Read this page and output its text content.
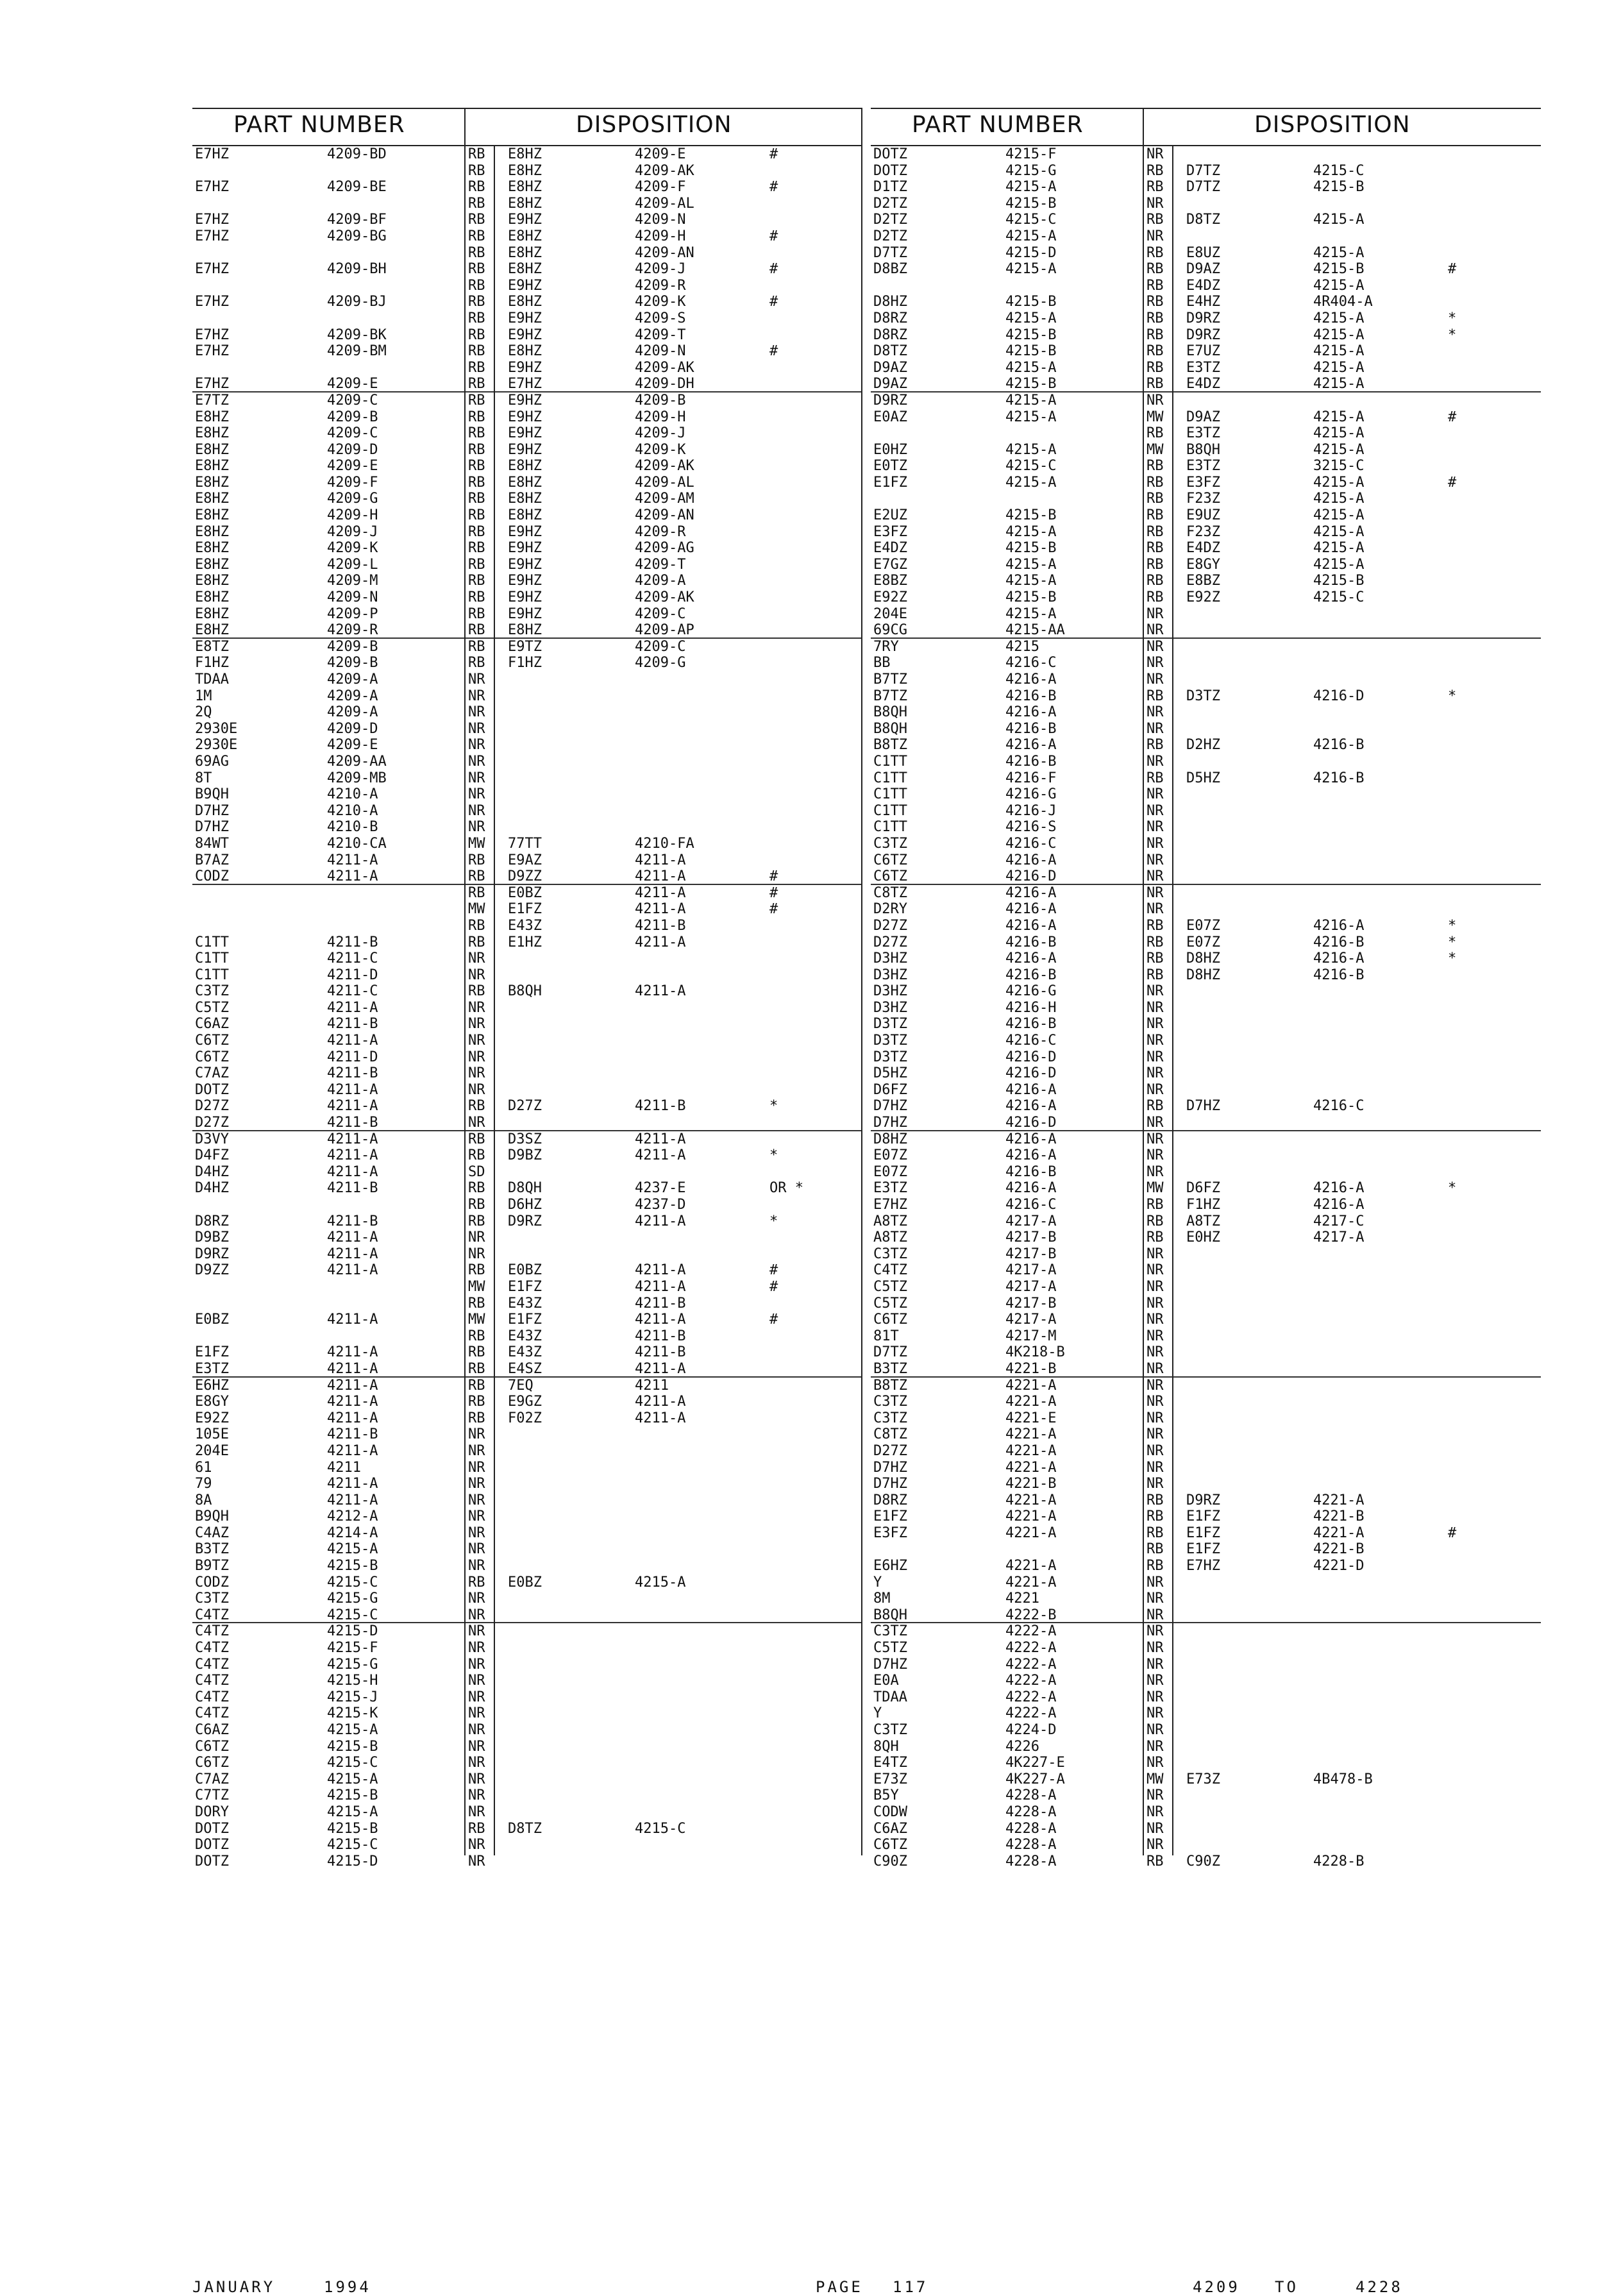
PART NUMBER	DISPOSITION
E7HZ	4209-BD	RB	E8HZ	4209-E	#
RB	E8HZ	4209-AK
E7HZ	4209-BE	RB	E8HZ	4209-F	#
RB	E8HZ	4209-AL
E7HZ	4209-BF	RB	E9HZ	4209-N
E7HZ	4209-BG	RB	E8HZ	4209-H	#
RB	E8HZ	4209-AN
E7HZ	4209-BH	RB	E8HZ	4209-J	#
RB	E9HZ	4209-R
E7HZ	4209-BJ	RB	E8HZ	4209-K	#
RB	E9HZ	4209-S
E7HZ	4209-BK	RB	E9HZ	4209-T
E7HZ	4209-BM	RB	E8HZ	4209-N	#
RB	E9HZ	4209-AK
E7HZ	4209-E	RB	E7HZ	4209-DH
E7TZ	4209-C	RB	E9HZ	4209-B
E8HZ	4209-B	RB	E9HZ	4209-H
E8HZ	4209-C	RB	E9HZ	4209-J
E8HZ	4209-D	RB	E9HZ	4209-K
E8HZ	4209-E	RB	E8HZ	4209-AK
E8HZ	4209-F	RB	E8HZ	4209-AL
E8HZ	4209-G	RB	E8HZ	4209-AM
E8HZ	4209-H	RB	E8HZ	4209-AN
E8HZ	4209-J	RB	E9HZ	4209-R
E8HZ	4209-K	RB	E9HZ	4209-AG
E8HZ	4209-L	RB	E9HZ	4209-T
E8HZ	4209-M	RB	E9HZ	4209-A
E8HZ	4209-N	RB	E9HZ	4209-AK
E8HZ	4209-P	RB	E9HZ	4209-C
E8HZ	4209-R	RB	E8HZ	4209-AP
E8TZ	4209-B	RB	E9TZ	4209-C
F1HZ	4209-B	RB	F1HZ	4209-G
TDAA	4209-A	NR
1M	4209-A	NR
2Q	4209-A	NR
2930E	4209-D	NR
2930E	4209-E	NR
69AG	4209-AA	NR
8T	4209-MB	NR
B9QH	4210-A	NR
D7HZ	4210-A	NR
D7HZ	4210-B	NR
84WT	4210-CA	MW	77TT	4210-FA
B7AZ	4211-A	RB	E9AZ	4211-A
CODZ	4211-A	RB	D9ZZ	4211-A	#
RB	E0BZ	4211-A	#
MW	E1FZ	4211-A	#
RB	E43Z	4211-B
C1TT	4211-B	RB	E1HZ	4211-A
C1TT	4211-C	NR
C1TT	4211-D	NR
C3TZ	4211-C	RB	B8QH	4211-A
C5TZ	4211-A	NR
C6AZ	4211-B	NR
C6TZ	4211-A	NR
C6TZ	4211-D	NR
C7AZ	4211-B	NR
DOTZ	4211-A	NR
D27Z	4211-A	RB	D27Z	4211-B	*
D27Z	4211-B	NR
D3VY	4211-A	RB	D3SZ	4211-A
D4FZ	4211-A	RB	D9BZ	4211-A	*
D4HZ	4211-A	SD
D4HZ	4211-B	RB	D8QH	4237-E	OR *
RB	D6HZ	4237-D
D8RZ	4211-B	RB	D9RZ	4211-A	*
D9BZ	4211-A	NR
D9RZ	4211-A	NR
D9ZZ	4211-A	RB	E0BZ	4211-A	#
MW	E1FZ	4211-A	#
RB	E43Z	4211-B
E0BZ	4211-A	MW	E1FZ	4211-A	#
RB	E43Z	4211-B
E1FZ	4211-A	RB	E43Z	4211-B
E3TZ	4211-A	RB	E4SZ	4211-A
E6HZ	4211-A	RB	7EQ	4211
E8GY	4211-A	RB	E9GZ	4211-A
E92Z	4211-A	RB	F02Z	4211-A
105E	4211-B	NR
204E	4211-A	NR
61	4211	NR
79	4211-A	NR
8A	4211-A	NR
B9QH	4212-A	NR
C4AZ	4214-A	NR
B3TZ	4215-A	NR
B9TZ	4215-B	NR
CODZ	4215-C	RB	E0BZ	4215-A
C3TZ	4215-G	NR
C4TZ	4215-C	NR
C4TZ	4215-D	NR
C4TZ	4215-F	NR
C4TZ	4215-G	NR
C4TZ	4215-H	NR
C4TZ	4215-J	NR
C4TZ	4215-K	NR
C6AZ	4215-A	NR
C6TZ	4215-B	NR
C6TZ	4215-C	NR
C7AZ	4215-A	NR
C7TZ	4215-B	NR
DORY	4215-A	NR
DOTZ	4215-B	RB	D8TZ	4215-C
DOTZ	4215-C	NR
DOTZ	4215-D	NR
PART NUMBER	DISPOSITION
DOTZ	4215-F	NR
DOTZ	4215-G	RB	D7TZ	4215-C
D1TZ	4215-A	RB	D7TZ	4215-B
D2TZ	4215-B	NR
D2TZ	4215-C	RB	D8TZ	4215-A
D2TZ	4215-A	NR
D7TZ	4215-D	RB	E8UZ	4215-A
D8BZ	4215-A	RB	D9AZ	4215-B	#
RB	E4DZ	4215-A
D8HZ	4215-B	RB	E4HZ	4R404-A
D8RZ	4215-A	RB	D9RZ	4215-A	*
D8RZ	4215-B	RB	D9RZ	4215-A	*
D8TZ	4215-B	RB	E7UZ	4215-A
D9AZ	4215-A	RB	E3TZ	4215-A
D9AZ	4215-B	RB	E4DZ	4215-A
D9RZ	4215-A	NR
E0AZ	4215-A	MW	D9AZ	4215-A	#
RB	E3TZ	4215-A
E0HZ	4215-A	MW	B8QH	4215-A
E0TZ	4215-C	RB	E3TZ	3215-C
E1FZ	4215-A	RB	E3FZ	4215-A	#
RB	F23Z	4215-A
E2UZ	4215-B	RB	E9UZ	4215-A
E3FZ	4215-A	RB	F23Z	4215-A
E4DZ	4215-B	RB	E4DZ	4215-A
E7GZ	4215-A	RB	E8GY	4215-A
E8BZ	4215-A	RB	E8BZ	4215-B
E92Z	4215-B	RB	E92Z	4215-C
204E	4215-A	NR
69CG	4215-AA	NR
7RY	4215	NR
BB	4216-C	NR
B7TZ	4216-A	NR
B7TZ	4216-B	RB	D3TZ	4216-D	*
B8QH	4216-A	NR
B8QH	4216-B	NR
B8TZ	4216-A	RB	D2HZ	4216-B
C1TT	4216-B	NR
C1TT	4216-F	RB	D5HZ	4216-B
C1TT	4216-G	NR
C1TT	4216-J	NR
C1TT	4216-S	NR
C3TZ	4216-C	NR
C6TZ	4216-A	NR
C6TZ	4216-D	NR
C8TZ	4216-A	NR
D2RY	4216-A	NR
D27Z	4216-A	RB	E07Z	4216-A	*
D27Z	4216-B	RB	E07Z	4216-B	*
D3HZ	4216-A	RB	D8HZ	4216-A	*
D3HZ	4216-B	RB	D8HZ	4216-B
D3HZ	4216-G	NR
D3HZ	4216-H	NR
D3TZ	4216-B	NR
D3TZ	4216-C	NR
D3TZ	4216-D	NR
D5HZ	4216-D	NR
D6FZ	4216-A	NR
D7HZ	4216-A	RB	D7HZ	4216-C
D7HZ	4216-D	NR
D8HZ	4216-A	NR
E07Z	4216-A	NR
E07Z	4216-B	NR
E3TZ	4216-A	MW	D6FZ	4216-A	*
E7HZ	4216-C	RB	F1HZ	4216-A
A8TZ	4217-A	RB	A8TZ	4217-C
A8TZ	4217-B	RB	E0HZ	4217-A
C3TZ	4217-B	NR
C4TZ	4217-A	NR
C5TZ	4217-A	NR
C5TZ	4217-B	NR
C6TZ	4217-A	NR
81T	4217-M	NR
D7TZ	4K218-B	NR
B3TZ	4221-B	NR
B8TZ	4221-A	NR
C3TZ	4221-A	NR
C3TZ	4221-E	NR
C8TZ	4221-A	NR
D27Z	4221-A	NR
D7HZ	4221-A	NR
D7HZ	4221-B	NR
D8RZ	4221-A	RB	D9RZ	4221-A
E1FZ	4221-A	RB	E1FZ	4221-B
E3FZ	4221-A	RB	E1FZ	4221-A	#
RB	E1FZ	4221-B
E6HZ	4221-A	RB	E7HZ	4221-D
Y	4221-A	NR
8M	4221	NR
B8QH	4222-B	NR
C3TZ	4222-A	NR
C5TZ	4222-A	NR
D7HZ	4222-A	NR
E0A	4222-A	NR
TDAA	4222-A	NR
Y	4222-A	NR
C3TZ	4224-D	NR
8QH	4226	NR
E4TZ	4K227-E	NR
E73Z	4K227-A	MW	E73Z	4B478-B
B5Y	4228-A	NR
CODW	4228-A	NR
C6AZ	4228-A	NR
C6TZ	4228-A	NR
C90Z	4228-A	RB	C90Z	4228-B
JANUARY	1994	PAGE 117	4209 TO	4228
